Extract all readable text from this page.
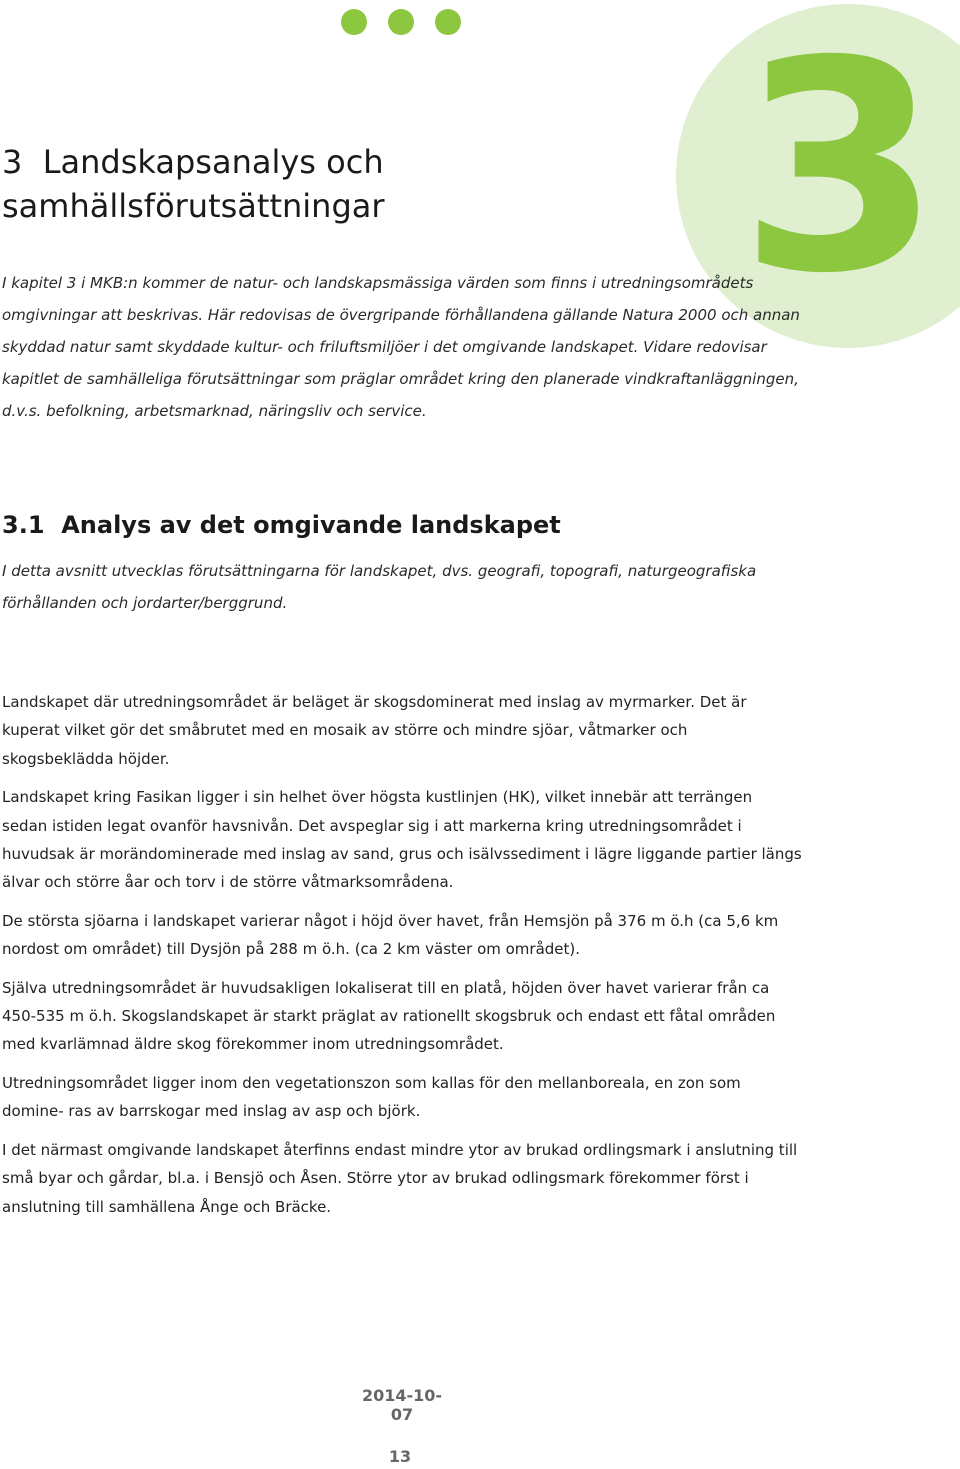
3
3  Landskapsanalys och
samhällsförutsättningar

I kapitel 3 i MKB:n kommer de natur- och landskapsmässiga värden som finns i utredningsområdets omgivningar att beskrivas. Här redovisas de övergripande förhållandena gällande Natura 2000 och annan skyddad natur samt skyddade kultur- och friluftsmiljöer i det omgivande landskapet. Vidare redovisar kapitlet de samhälleliga förutsättningar som präglar området kring den planerade vindkraftanläggningen, d.v.s. befolkning, arbetsmarknad, näringsliv och service.

3.1  Analys av det omgivande landskapet

I detta avsnitt utvecklas förutsättningarna för landskapet, dvs. geografi, topografi, naturgeografiska förhållanden och jordarter/berggrund.

Landskapet där utredningsområdet är beläget är skogsdominerat med inslag av myrmarker. Det är kuperat vilket gör det småbrutet med en mosaik av större och mindre sjöar, våtmarker och skogsbeklädda höjder.

Landskapet kring Fasikan ligger i sin helhet över högsta kustlinjen (HK), vilket innebär att terrängen sedan istiden legat ovanför havsnivån. Det avspeglar sig i att markerna kring utredningsområdet i huvudsak är morändominerade med inslag av sand, grus och isälvssediment i lägre liggande partier längs älvar och större åar och torv i de större våtmarksområdena.

De största sjöarna i landskapet varierar något i höjd över havet, från Hemsjön på 376 m ö.h (ca 5,6 km nordost om området) till Dysjön på 288 m ö.h. (ca 2 km väster om området).

Själva utredningsområdet är huvudsakligen lokaliserat till en platå, höjden över havet varierar från ca 450-535 m ö.h. Skogslandskapet är starkt präglat av rationellt skogsbruk och endast ett fåtal områden med kvarlämnad äldre skog förekommer inom utredningsområdet.

Utredningsområdet ligger inom den vegetationszon som kallas för den mellanboreala, en zon som domine- ras av barrskogar med inslag av asp och björk.

I det närmast omgivande landskapet återfinns endast mindre ytor av brukad ordlingsmark i anslutning till små byar och gårdar, bl.a. i Bensjö och Åsen. Större ytor av brukad odlingsmark förekommer först i anslutning till samhällena Ånge och Bräcke.

2014-10-07
13
